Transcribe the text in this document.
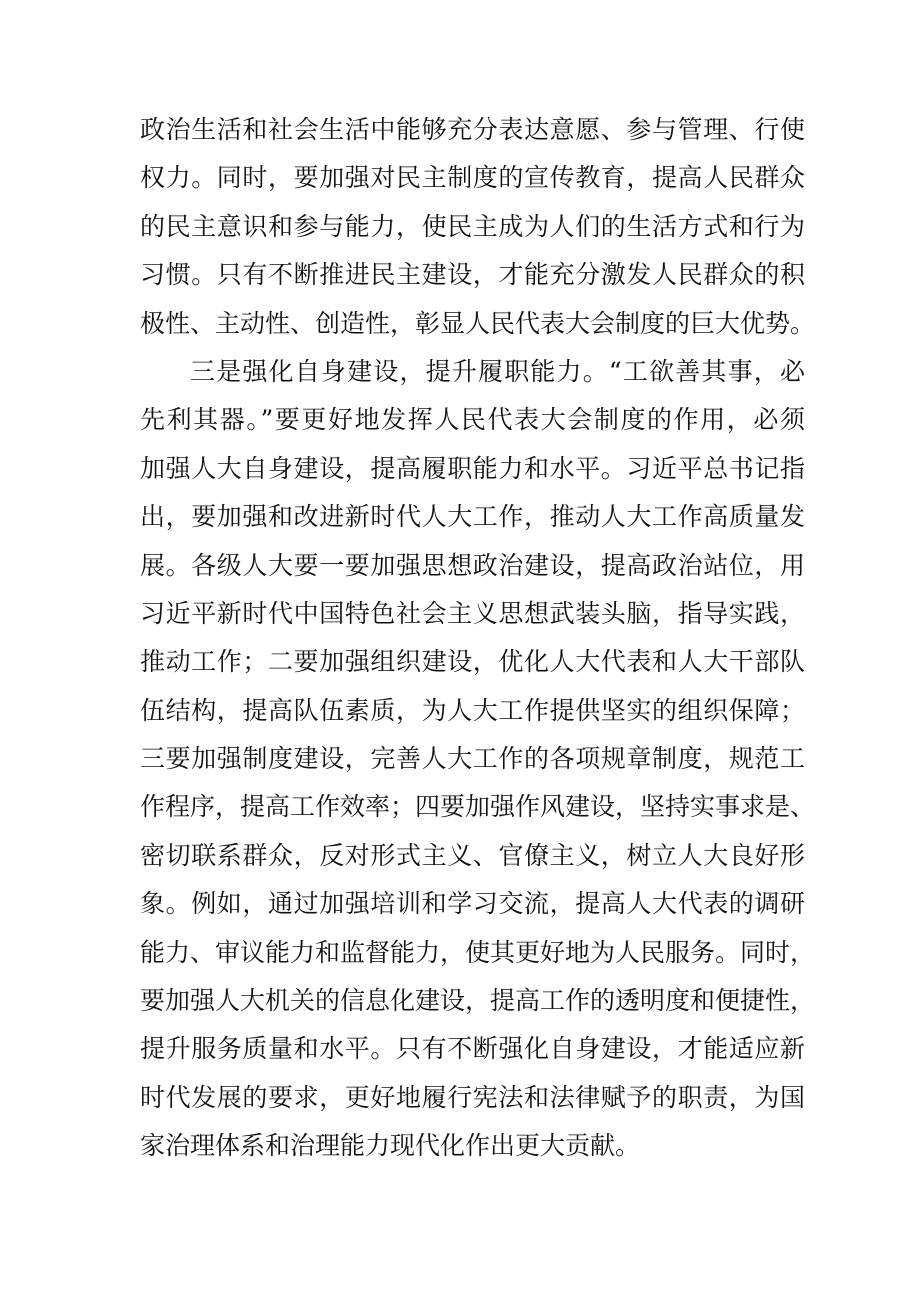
政治生活和社会生活中能够充分表达意愿、参与管理、行使
权力。同时，要加强对民主制度的宣传教育，提高人民群众
的民主意识和参与能力，使民主成为人们的生活方式和行为
习惯。只有不断推进民主建设，才能充分激发人民群众的积
极性、主动性、创造性，彰显人民代表大会制度的巨大优势。
三是强化自身建设，提升履职能力。“工欲善其事，必
先利其器。”要更好地发挥人民代表大会制度的作用，必须
加强人大自身建设，提高履职能力和水平。习近平总书记指
出，要加强和改进新时代人大工作，推动人大工作高质量发
展。各级人大要一要加强思想政治建设，提高政治站位，用
习近平新时代中国特色社会主义思想武装头脑，指导实践，
推动工作；二要加强组织建设，优化人大代表和人大干部队
伍结构，提高队伍素质，为人大工作提供坚实的组织保障；
三要加强制度建设，完善人大工作的各项规章制度，规范工
作程序，提高工作效率；四要加强作风建设，坚持实事求是、
密切联系群众，反对形式主义、官僚主义，树立人大良好形
象。例如，通过加强培训和学习交流，提高人大代表的调研
能力、审议能力和监督能力，使其更好地为人民服务。同时，
要加强人大机关的信息化建设，提高工作的透明度和便捷性，
提升服务质量和水平。只有不断强化自身建设，才能适应新
时代发展的要求，更好地履行宪法和法律赋予的职责，为国
家治理体系和治理能力现代化作出更大贡献。
